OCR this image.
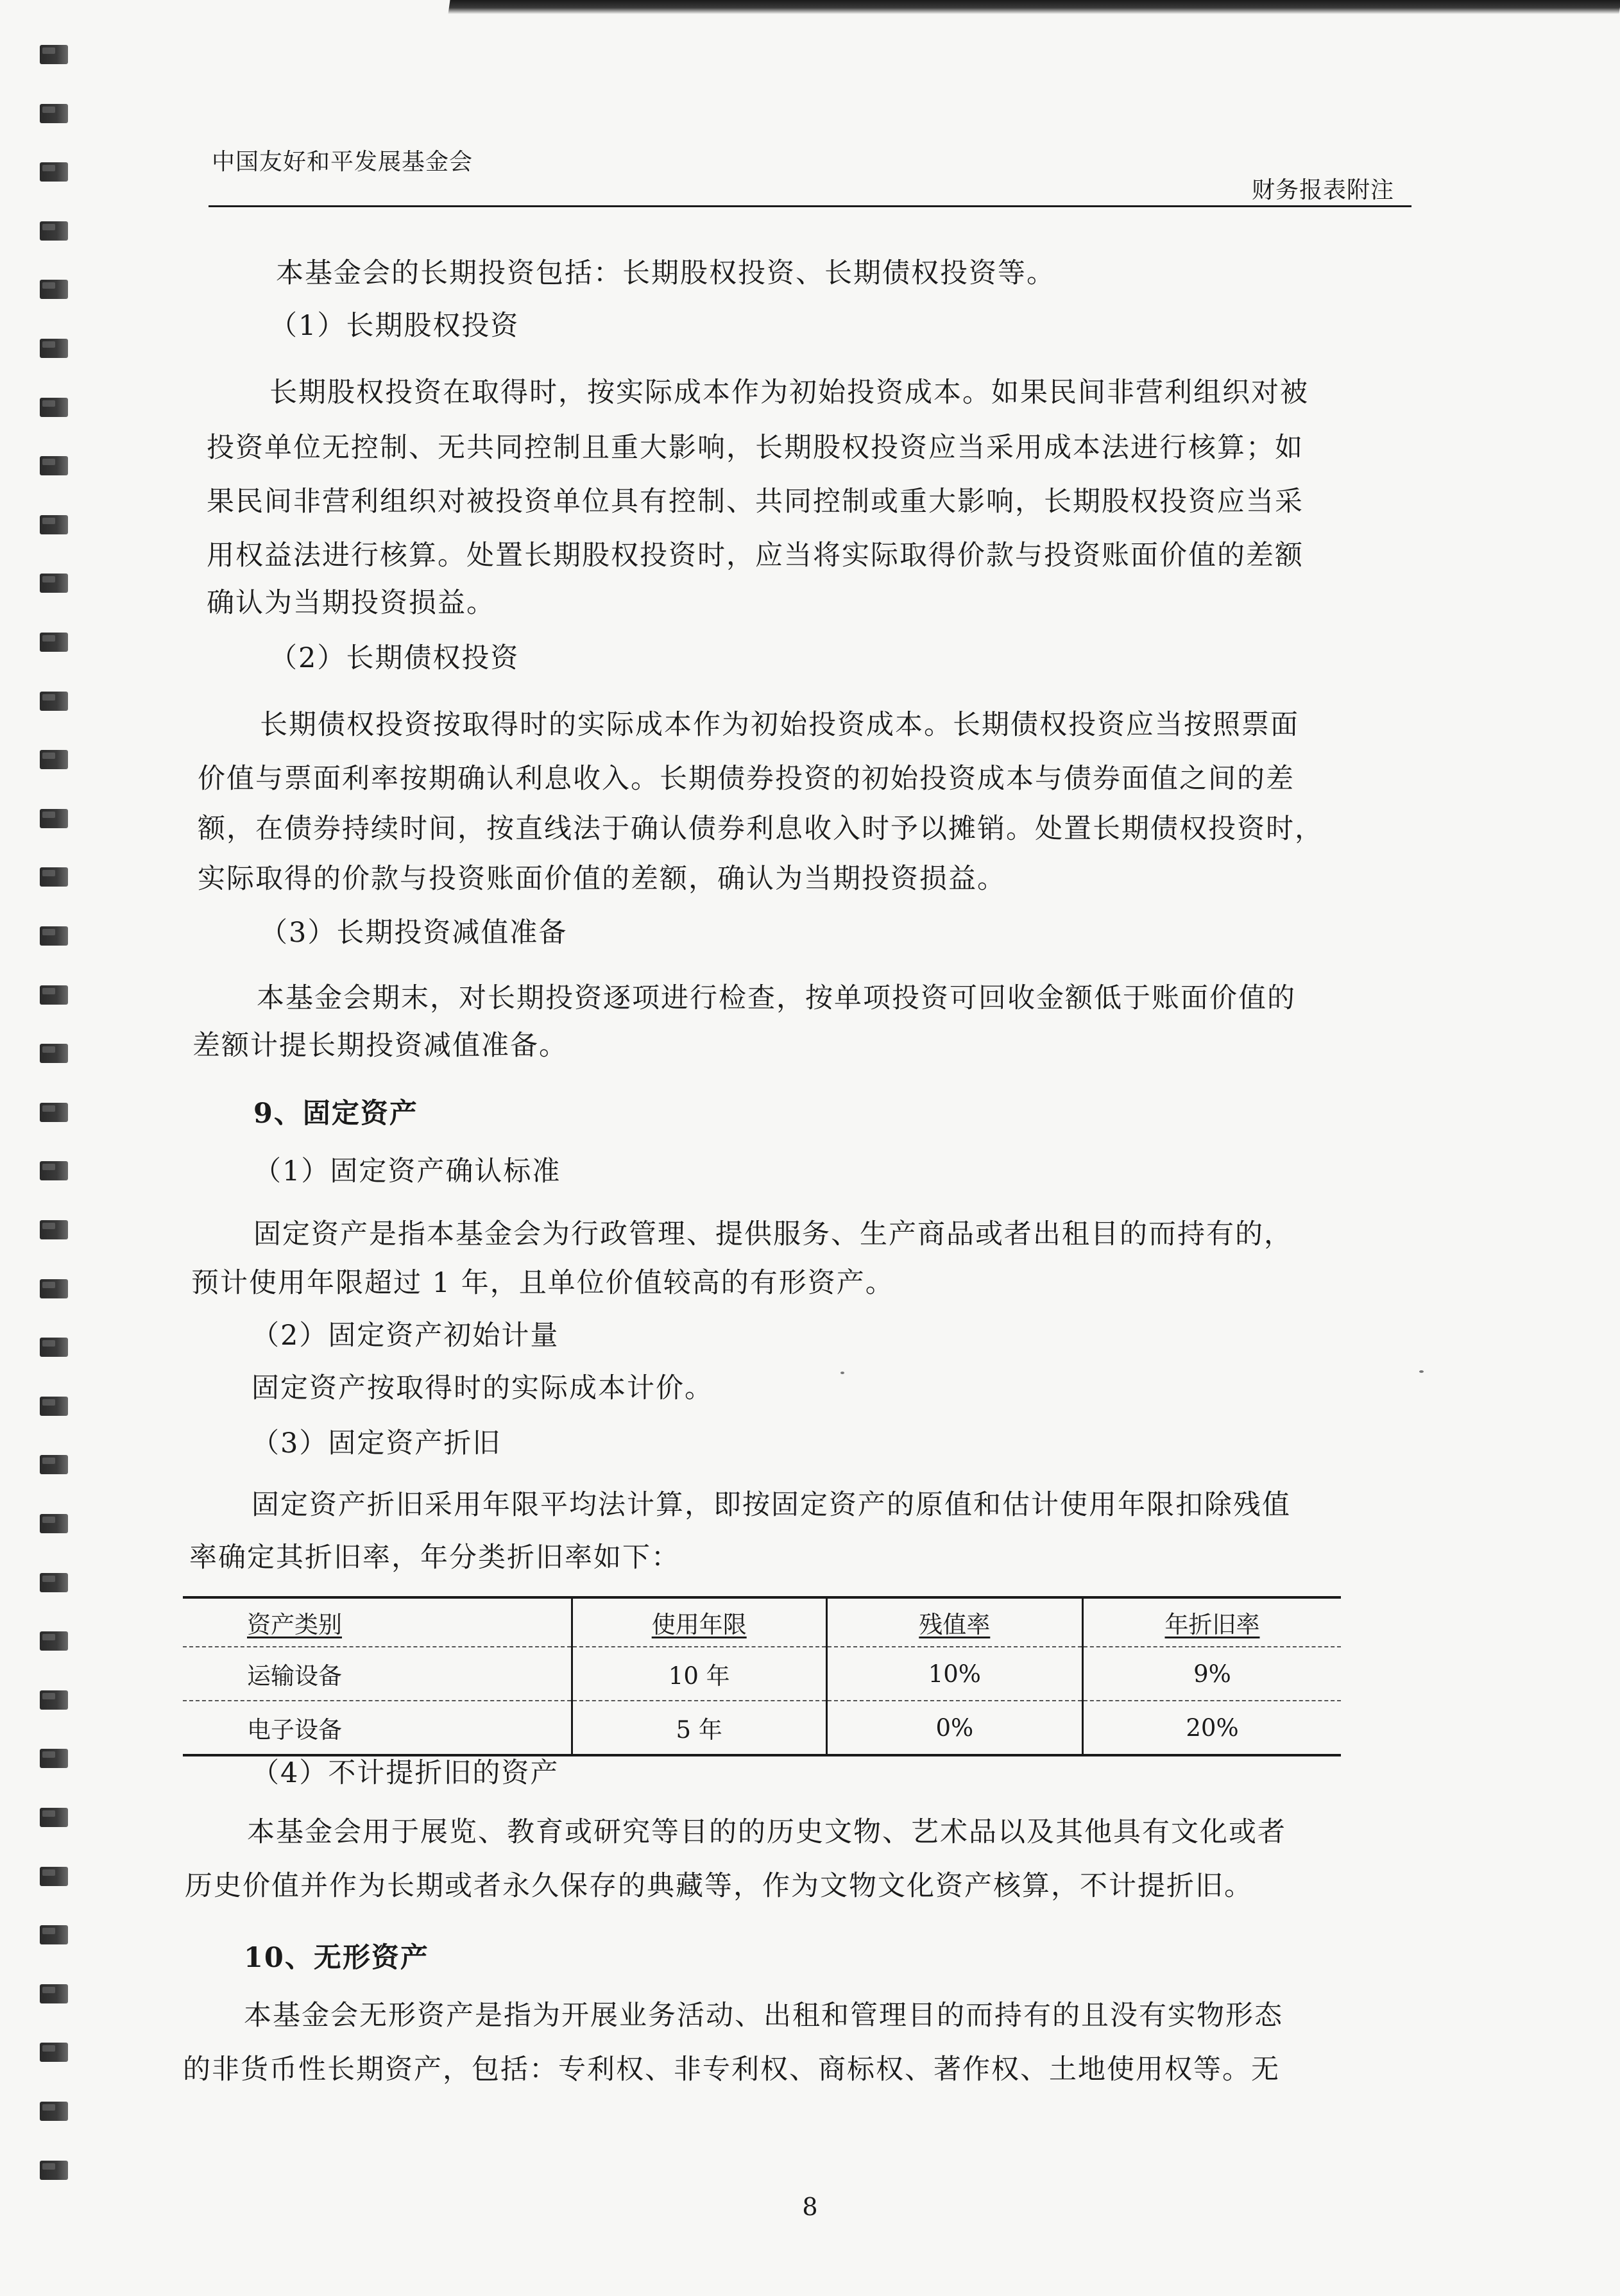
中国友好和平发展基金会
财务报表附注
本基金会的长期投资包括：长期股权投资、长期债权投资等。
（1）长期股权投资
长期股权投资在取得时，按实际成本作为初始投资成本。如果民间非营利组织对被
投资单位无控制、无共同控制且重大影响，长期股权投资应当采用成本法进行核算；如
果民间非营利组织对被投资单位具有控制、共同控制或重大影响，长期股权投资应当采
用权益法进行核算。处置长期股权投资时，应当将实际取得价款与投资账面价值的差额
确认为当期投资损益。
（2）长期债权投资
长期债权投资按取得时的实际成本作为初始投资成本。长期债权投资应当按照票面
价值与票面利率按期确认利息收入。长期债券投资的初始投资成本与债券面值之间的差
额，在债券持续时间，按直线法于确认债券利息收入时予以摊销。处置长期债权投资时，
实际取得的价款与投资账面价值的差额，确认为当期投资损益。
（3）长期投资减值准备
本基金会期末，对长期投资逐项进行检查，按单项投资可回收金额低于账面价值的
差额计提长期投资减值准备。
9、固定资产
（1）固定资产确认标准
固定资产是指本基金会为行政管理、提供服务、生产商品或者出租目的而持有的，
预计使用年限超过 1 年，且单位价值较高的有形资产。
（2）固定资产初始计量
固定资产按取得时的实际成本计价。
（3）固定资产折旧
固定资产折旧采用年限平均法计算，即按固定资产的原值和估计使用年限扣除残值
率确定其折旧率，年分类折旧率如下：
资产类别	使用年限	残值率	年折旧率
运输设备	10 年	10%	9%
电子设备	5 年	0%	20%
（4）不计提折旧的资产
本基金会用于展览、教育或研究等目的的历史文物、艺术品以及其他具有文化或者
历史价值并作为长期或者永久保存的典藏等，作为文物文化资产核算，不计提折旧。
10、无形资产
本基金会无形资产是指为开展业务活动、出租和管理目的而持有的且没有实物形态
的非货币性长期资产，包括：专利权、非专利权、商标权、著作权、土地使用权等。无
8
